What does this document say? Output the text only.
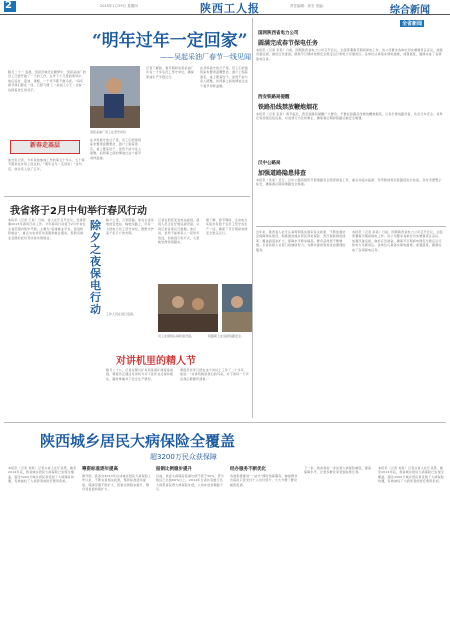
2	2015年1月29日 星期四	陕西工人报	责任编辑：高安 美编：	综合新闻
“明年过年一定回家”
——吴起采油厂春节一线见闻
腊月二十一 凌晨，吴起县城还在睡梦中，吴起采油厂的员工已经开始了一天的工作。在零下十几度的寒风中，他们巡井、量油、清蜡，一个环节都不敢马虎。“每年春节我们都在一线，已经习惯了。”采油工小王一边说一边搓着冻红的双手。
新春走基层
他告诉记者，今年是他参加工作的第五个年头，五个春节都是在井场上度过的。“明年过年一定回家！”这句话，他对家人说了五年。
吴起采油厂员工在坚守岗位
在井场值守的日子里，员工们把值班室布置得温馨整洁，窗户上贴着窗花，桌上摆着饺子。虽然不能与家人团聚，但同事之间的情谊让这个春节同样温暖。
记者了解到，春节期间吴起采油厂共有一千多名员工坚守岗位，确保原油生产平稳运行。
在井场值守的日子里，员工们把值班室布置得温馨整洁，窗户上贴着窗花，桌上摆着饺子。虽然不能与家人团聚，但同事之间的情谊让这个春节同样温暖。
全省新闻
国网陕西省电力公司
圆满完成春节保电任务
本报讯（记者 李某）日前，国网陕西省电力公司召开会议，全面部署春节期间保电工作。该公司要求各单位切实增强责任意识，加强设备巡视，做好应急准备，确保节日期间电网安全稳定运行和电力可靠供应。各单位认真落实保电措施，加强值班，圆满完成了各项保电任务。
西安铁路局提醒
铁路沿线禁放鞭炮烟花
本报讯（记者 张某）春节临近，西安铁路局提醒广大群众，不要在铁路沿线燃放鞭炮烟花，以免引燃线路设备，危及行车安全。该局还将加强沿线巡查，对违规行为及时制止，确保春运期间铁路运输安全畅通。
汉中公路局
加强道路隐患排查
本报讯（李某）近日，汉中公路局组织开展道路安全隐患排查工作，重点对临水临崖、急弯陡坡等危险路段进行检查，及时设置警示标志，确保春运期间道路安全畅通。
近年来，陕西省人社厅认真贯彻落实国家有关政策，不断加强社会保障体系建设，积极推进城乡居民养老保险、医疗保险制度改革，覆盖面逐步扩大，保障水平稳步提高，群众获得感不断增强。全省各级人社部门将继续努力，为群众提供更加优质便捷的服务。
本报讯（记者 李某）日前，国网陕西省电力公司召开会议，全面部署春节期间保电工作。该公司要求各单位切实增强责任意识，加强设备巡视，做好应急准备，确保节日期间电网安全稳定运行和电力可靠供应。各单位认真落实保电措施，加强值班，圆满完成了各项保电任务。
我省将于2月中旬举行春风行动
本报讯（记者 王某）日前，省人社厅召开会议，安排部署2015年春风行动工作。今年春风行动将于2月中旬在全省范围内集中开展，主题为“搭建就业平台，促进转移就业”，重点为农村劳动者提供就业服务，帮助有就业意愿的农村劳动者实现就业。
除夕之夜保电行动
除夕之夜，万家团圆。而在全省各地的变电站、输电线路上，仍有一大批电力员工坚守岗位，默默守护着千家万户的光明。
记者在西安某变电站看到，值班人员正在仔细巡视设备，认真记录各项运行数据。他们说，虽然不能和家人一起吃年夜饭，但看到万家灯火，心里就觉得特别踏实。
据了解，春节期间，全省电力系统共有数千名员工坚守在生产一线，确保了节日期间电网安全稳定运行。
工作人员在进行巡查。
员工在现场认真检查设备。	铁路职工在巡视线路安全。
对讲机里的精人节
腊月二十九，记者在铜川矿务局某煤矿调度室看到，调度员正通过对讲机与井下各作业点保持联系，随时掌握井下安全生产情况。
调度员老李已经在这个岗位上工作了二十多年，他说：“对讲机就是我们的耳朵，井下的每一个声音我们都要听清楚。”
陕西城乡居民大病保险全覆盖
超3200万民众获保障
本报讯（记者 刘某）记者从省人社厅获悉，截至2014年底，我省城乡居民大病保险已实现全覆盖，超过3200万城乡居民享受到了大病保险待遇，有效减轻了大病患者的医疗费用负担。
筹资标准逐年提高
据介绍，我省自2013年启动城乡居民大病保险工作以来，不断完善相关政策，筹资标准逐年提高，保障范围不断扩大，报销比例稳步提升，群众受益面持续扩大。
报销比例稳步提升
目前，我省大病保险报销比例不低于50%，部分地区已达到60%以上。2014年全省共有数万名大病患者获得大病保险补偿，人均补偿金额数千元。
经办服务不断优化
各地积极推进“一站式”即时结算服务，参保群众出院时只需支付个人自付部分，大大方便了群众就医报销。
下一步，我省将进一步完善大病保险制度，提高保障水平，让更多群众享受到政策红利。
本报讯（记者 刘某）记者从省人社厅获悉，截至2014年底，我省城乡居民大病保险已实现全覆盖，超过3200万城乡居民享受到了大病保险待遇，有效减轻了大病患者的医疗费用负担。
